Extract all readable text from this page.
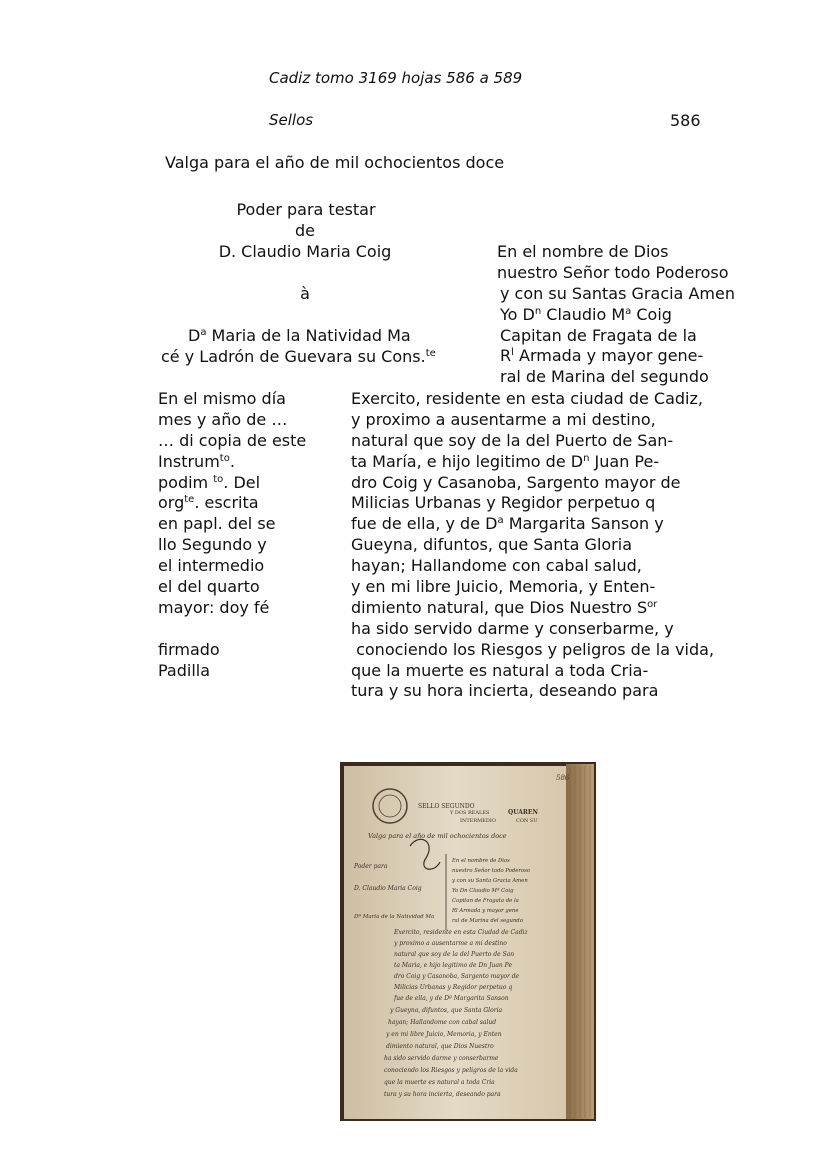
Cadiz tomo 3169 hojas 586 a 589
Sellos	586
Valga para el año de mil ochocientos doce
Poder para testar
de
D. Claudio Maria Coig
à
$D^a$ Maria de la Natividad Ma
cé y Ladrón de Guevara su Cons.$^{te}$
En el nombre de Dios
nuestro Señor todo Poderoso
y con su Santas Gracia Amen
Yo $D^n$ Claudio $M^a$ Coig
Capitan de Fragata de la
$R^l$ Armada y mayor gene-
ral de Marina del segundo
En el mismo día
mes y año de …
… di copia de este
Instrum$^{to}$.
podim $^{to}$. Del
org$^{te}$. escrita
en papl. del se
llo Segundo y
el intermedio
el del quarto
mayor: doy fé
firmado
Padilla
Exercito, residente en esta ciudad de Cadiz,
y proximo a ausentarme a mi destino,
natural que soy de la del Puerto de San-
ta María, e hijo legitimo de $D^n$ Juan Pe-
dro Coig y Casanoba, Sargento mayor de
Milicias Urbanas y Regidor perpetuo q
fue de ella, y de $D^a$ Margarita Sanson y
Gueyna, difuntos, que Santa Gloria
hayan; Hallandome con cabal salud,
y en mi libre Juicio, Memoria, y Enten-
dimiento natural, que Dios Nuestro $S^{or}$
ha sido servido darme y conserbarme, y
conociendo los Riesgos y peligros de la vida,
que la muerte es natural a toda Cria-
tura y su hora incierta, deseando para
586
SELLO SEGUNDO
QUAREN
Y DOS REALES
CON SU
INTERMEDIO
Valga para el año de mil ochocientos doce
Poder para
D. Claudio Maria Coig
Dª Maria de la Natividad Ma
En el nombre de Dios
nuestro Señor todo Poderoso
y con su Santa Gracia Amen
Yo Dn Claudio Mª Coig
Capitan de Fragata de la
Rl Armada y mayor gene
ral de Marina del segundo
Exercito, residente en esta Ciudad de Cadiz
y proximo a ausentarme a mi destino
natural que soy de la del Puerto de San
ta Maria, e hijo legitimo de Dn Juan Pe
dro Coig y Casanoba, Sargento mayor de
Milicias Urbanas y Regidor perpetuo q
fue de ella, y de Dª Margarita Sanson
y Gueyna, difuntos, que Santa Gloria
hayan; Hallandome con cabal salud
y en mi libre Juicio, Memoria, y Enten
dimiento natural, que Dios Nuestro
ha sido servido darme y conserbarme
conociendo los Riesgos y peligros de la vida
que la muerte es natural a toda Cria
tura y su hora incierta, deseando para
